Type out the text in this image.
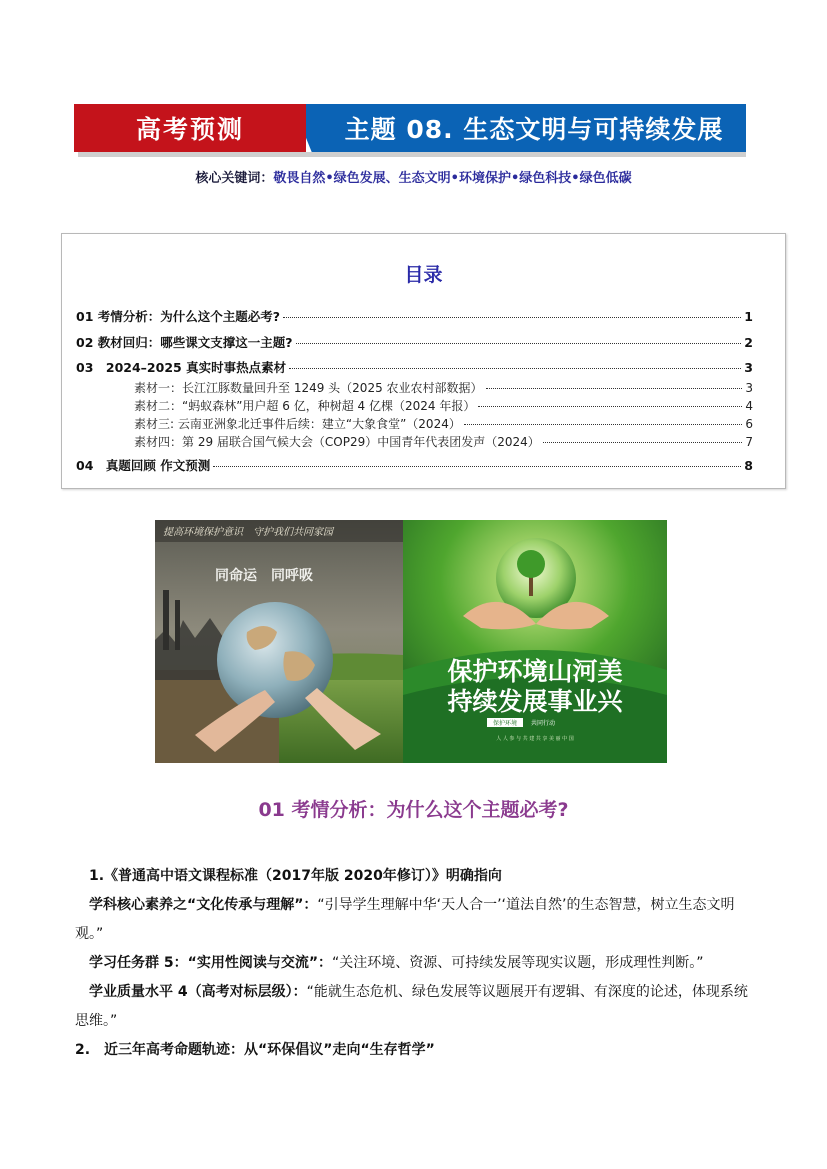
高考预测	主题 08. 生态文明与可持续发展
核心关键词：敬畏自然•绿色发展、生态文明•环境保护•绿色科技•绿色低碳
目录
01 考情分析：为什么这个主题必考?	1
02 教材回归：哪些课文支撑这一主题?	2
03　2024–2025 真实时事热点素材	3
素材一：长江江豚数量回升至 1249 头（2025 农业农村部数据）	3
素材二：“蚂蚁森林”用户超 6 亿，种树超 4 亿棵（2024 年报）	4
素材三: 云南亚洲象北迁事件后续：建立“大象食堂”（2024）	6
素材四：第 29 届联合国气候大会（COP29）中国青年代表团发声（2024）	7
04　真题回顾 作文预测	8
提高环境保护意识　守护我们共同家园
同命运　同呼吸
保护环境山河美
持续发展事业兴
保护环境 共同行动
人 人 参 与 共 建 共 享 美 丽 中 国
01 考情分析：为什么这个主题必考?

1.《普通高中语文课程标准（2017年版 2020年修订）》明确指向

学科核心素养之“文化传承与理解”：“引导学生理解中华‘天人合一’‘道法自然’的生态智慧，树立生态文明观。”

学习任务群 5：“实用性阅读与交流”：“关注环境、资源、可持续发展等现实议题，形成理性判断。”

学业质量水平 4（高考对标层级）：“能就生态危机、绿色发展等议题展开有逻辑、有深度的论述，体现系统思维。”

2.　近三年高考命题轨迹：从“环保倡议”走向“生存哲学”
